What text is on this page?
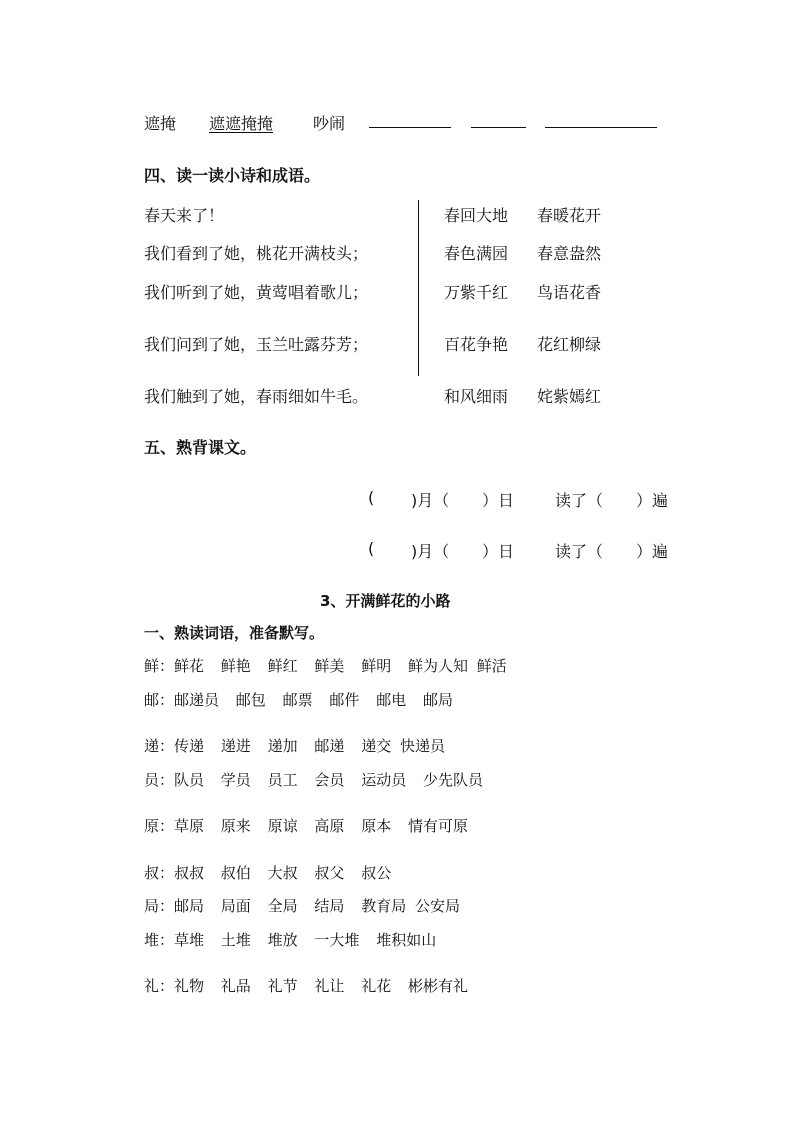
遮掩 遮遮掩掩 吵闹
四、读一读小诗和成语。
春天来了！
我们看到了她，桃花开满枝头；
我们听到了她，黄莺唱着歌儿；
我们问到了她，玉兰吐露芬芳；
我们触到了她，春雨细如牛毛。
春回大地 春暖花开
春色满园 春意盎然
万紫千红 鸟语花香
百花争艳 花红柳绿
和风细雨 姹紫嫣红
五、熟背课文。
( )月（ ）日	读了（ ）遍
( )月（ ）日	读了（ ）遍
3、开满鲜花的小路
一、熟读词语，准备默写。
鲜： 鲜花 鲜艳 鲜红 鲜美 鲜明 鲜为人知 鲜活
邮： 邮递员 邮包 邮票 邮件 邮电 邮局
递： 传递 递进 递加 邮递 递交 快递员
员： 队员 学员 员工 会员 运动员 少先队员
原： 草原 原来 原谅 高原 原本 情有可原
叔： 叔叔 叔伯 大叔 叔父 叔公
局： 邮局 局面 全局 结局 教育局 公安局
堆： 草堆 土堆 堆放 一大堆 堆积如山
礼： 礼物 礼品 礼节 礼让 礼花 彬彬有礼
